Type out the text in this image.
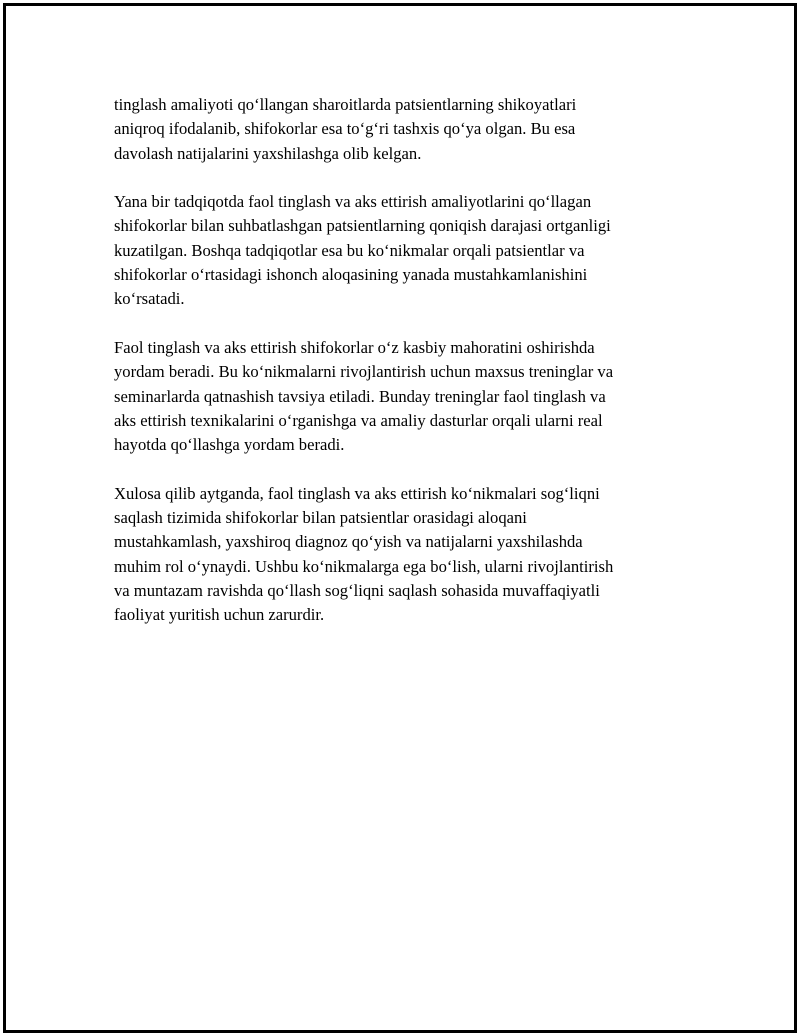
tinglash amaliyoti qo‘llangan sharoitlarda patsientlarning shikoyatlari
aniqroq ifodalanib, shifokorlar esa to‘g‘ri tashxis qo‘ya olgan. Bu esa
davolash natijalarini yaxshilashga olib kelgan.

Yana bir tadqiqotda faol tinglash va aks ettirish amaliyotlarini qo‘llagan
shifokorlar bilan suhbatlashgan patsientlarning qoniqish darajasi ortganligi
kuzatilgan. Boshqa tadqiqotlar esa bu ko‘nikmalar orqali patsientlar va
shifokorlar o‘rtasidagi ishonch aloqasining yanada mustahkamlanishini
ko‘rsatadi.

Faol tinglash va aks ettirish shifokorlar o‘z kasbiy mahoratini oshirishda
yordam beradi. Bu ko‘nikmalarni rivojlantirish uchun maxsus treninglar va
seminarlarda qatnashish tavsiya etiladi. Bunday treninglar faol tinglash va
aks ettirish texnikalarini o‘rganishga va amaliy dasturlar orqali ularni real
hayotda qo‘llashga yordam beradi.

Xulosa qilib aytganda, faol tinglash va aks ettirish ko‘nikmalari sog‘liqni
saqlash tizimida shifokorlar bilan patsientlar orasidagi aloqani
mustahkamlash, yaxshiroq diagnoz qo‘yish va natijalarni yaxshilashda
muhim rol o‘ynaydi. Ushbu ko‘nikmalarga ega bo‘lish, ularni rivojlantirish
va muntazam ravishda qo‘llash sog‘liqni saqlash sohasida muvaffaqiyatli
faoliyat yuritish uchun zarurdir.
